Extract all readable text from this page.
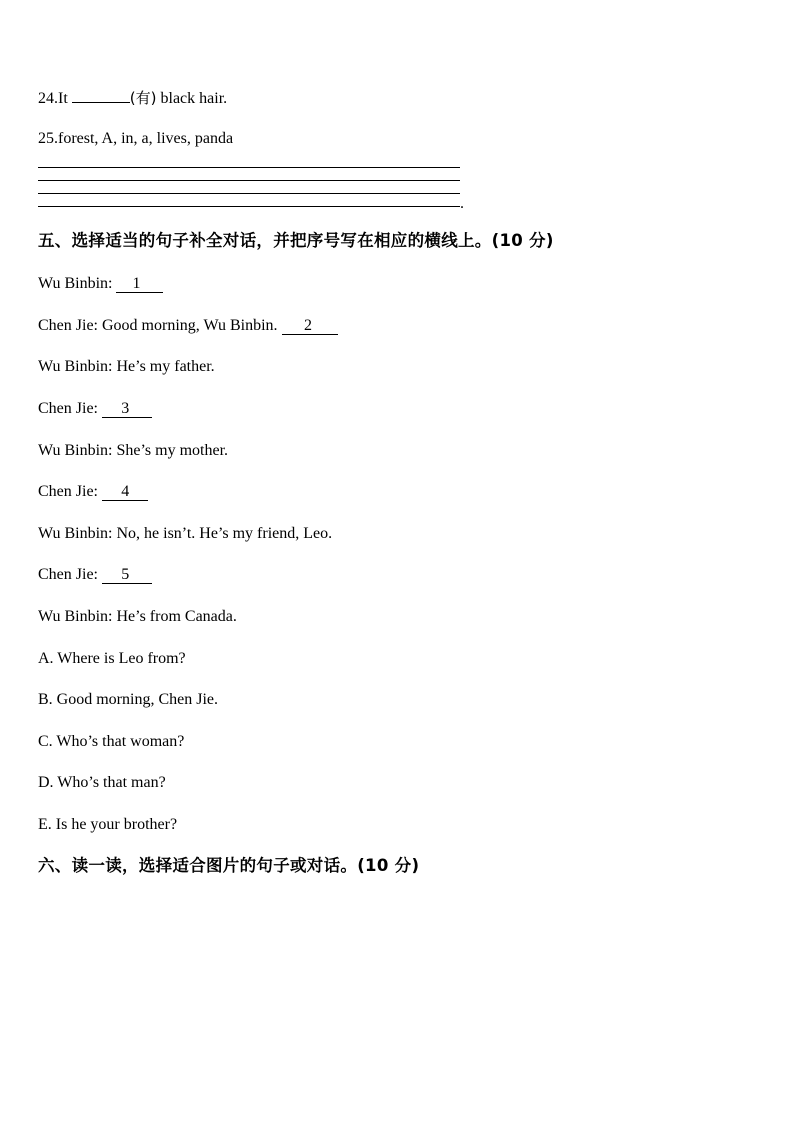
24.It	(有) black hair.
25.forest, A, in, a, lives, panda
.
五、选择适当的句子补全对话，并把序号写在相应的横线上。(10 分)
Wu Binbin:       1       
Chen Jie: Good morning, Wu Binbin.         2        
Wu Binbin: He’s my father.
Chen Jie:        3       
Wu Binbin: She’s my mother.
Chen Jie:        4      
Wu Binbin: No, he isn’t. He’s my friend, Leo.
Chen Jie:        5       
Wu Binbin: He’s from Canada.
A. Where is Leo from?
B. Good morning, Chen Jie.
C. Who’s that woman?
D. Who’s that man?
E. Is he your brother?
六、读一读，选择适合图片的句子或对话。(10 分)
